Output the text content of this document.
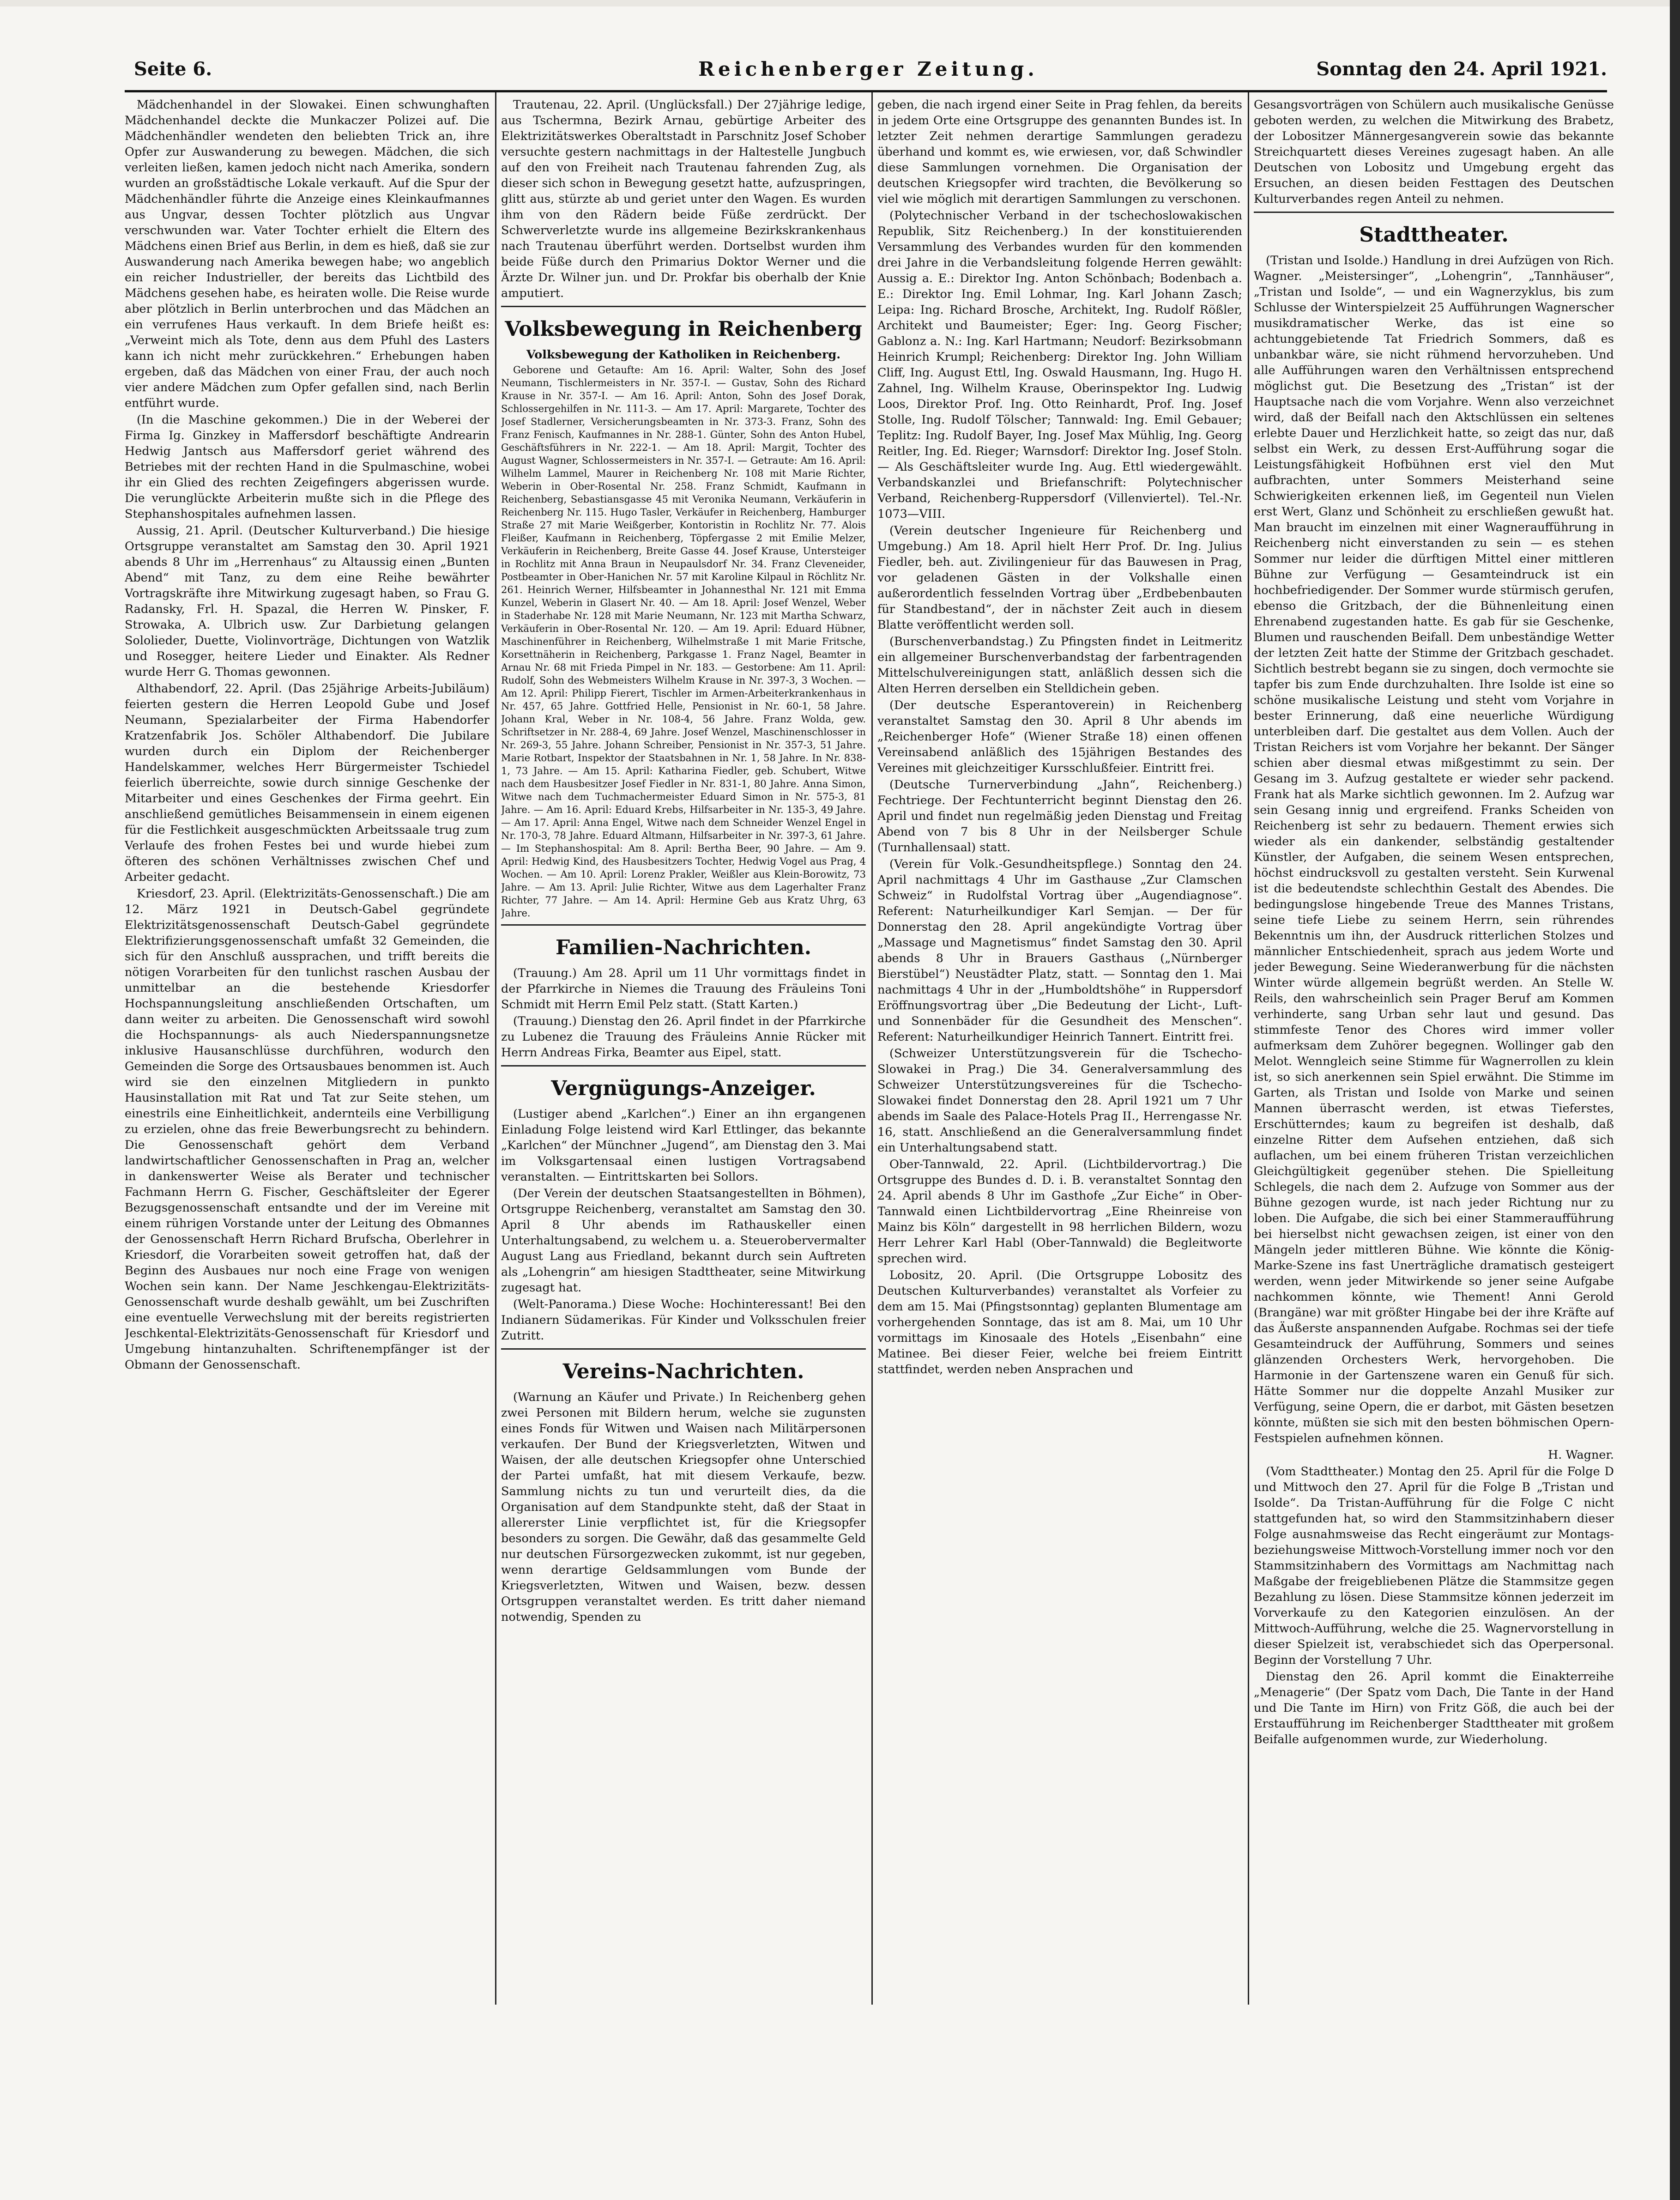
Seite 6.	Reichenberger Zeitung.	Sonntag den 24. April 1921.

Mädchenhandel in der Slowakei. Einen schwunghaften Mädchenhandel deckte die Munkaczer Polizei auf. Die Mädchenhändler wendeten den beliebten Trick an, ihre Opfer zur Auswanderung zu bewegen. Mädchen, die sich verleiten ließen, kamen jedoch nicht nach Amerika, sondern wurden an großstädtische Lokale verkauft. Auf die Spur der Mädchenhändler führte die Anzeige eines Kleinkaufmannes aus Ungvar, dessen Tochter plötzlich aus Ungvar verschwunden war. Vater Tochter erhielt die Eltern des Mädchens einen Brief aus Berlin, in dem es hieß, daß sie zur Auswanderung nach Amerika bewegen habe; wo angeblich ein reicher Industrieller, der bereits das Lichtbild des Mädchens gesehen habe, es heiraten wolle. Die Reise wurde aber plötzlich in Berlin unterbrochen und das Mädchen an ein verrufenes Haus verkauft. In dem Briefe heißt es: „Verweint mich als Tote, denn aus dem Pfuhl des Lasters kann ich nicht mehr zurückkehren.“ Erhebungen haben ergeben, daß das Mädchen von einer Frau, der auch noch vier andere Mädchen zum Opfer gefallen sind, nach Berlin entführt wurde.

(In die Maschine gekommen.) Die in der Weberei der Firma Ig. Ginzkey in Maffersdorf beschäftigte Andrearin Hedwig Jantsch aus Maffersdorf geriet während des Betriebes mit der rechten Hand in die Spulmaschine, wobei ihr ein Glied des rechten Zeigefingers abgerissen wurde. Die verunglückte Arbeiterin mußte sich in die Pflege des Stephanshospitales aufnehmen lassen.

Aussig, 21. April. (Deutscher Kulturverband.) Die hiesige Ortsgruppe veranstaltet am Samstag den 30. April 1921 abends 8 Uhr im „Herrenhaus“ zu Altaussig einen „Bunten Abend“ mit Tanz, zu dem eine Reihe bewährter Vortragskräfte ihre Mitwirkung zugesagt haben, so Frau G. Radansky, Frl. H. Spazal, die Herren W. Pinsker, F. Strowaka, A. Ulbrich usw. Zur Darbietung gelangen Sololieder, Duette, Violinvorträge, Dichtungen von Watzlik und Rosegger, heitere Lieder und Einakter. Als Redner wurde Herr G. Thomas gewonnen.

Althabendorf, 22. April. (Das 25jährige Arbeits-Jubiläum) feierten gestern die Herren Leopold Gube und Josef Neumann, Spezialarbeiter der Firma Habendorfer Kratzenfabrik Jos. Schöler Althabendorf. Die Jubilare wurden durch ein Diplom der Reichenberger Handelskammer, welches Herr Bürgermeister Tschiedel feierlich überreichte, sowie durch sinnige Geschenke der Mitarbeiter und eines Geschenkes der Firma geehrt. Ein anschließend gemütliches Beisammensein in einem eigenen für die Festlichkeit ausgeschmückten Arbeitssaale trug zum Verlaufe des frohen Festes bei und wurde hiebei zum öfteren des schönen Verhältnisses zwischen Chef und Arbeiter gedacht.

Kriesdorf, 23. April. (Elektrizitäts-Genossenschaft.) Die am 12. März 1921 in Deutsch-Gabel gegründete Elektrizitätsgenossenschaft Deutsch-Gabel gegründete Elektrifizierungsgenossenschaft umfaßt 32 Gemeinden, die sich für den Anschluß aussprachen, und trifft bereits die nötigen Vorarbeiten für den tunlichst raschen Ausbau der unmittelbar an die bestehende Kriesdorfer Hochspannungsleitung anschließenden Ortschaften, um dann weiter zu arbeiten. Die Genossenschaft wird sowohl die Hochspannungs- als auch Niederspannungsnetze inklusive Hausanschlüsse durchführen, wodurch den Gemeinden die Sorge des Ortsausbaues benommen ist. Auch wird sie den einzelnen Mitgliedern in punkto Hausinstallation mit Rat und Tat zur Seite stehen, um einestrils eine Einheitlichkeit, andernteils eine Verbilligung zu erzielen, ohne das freie Bewerbungsrecht zu behindern. Die Genossenschaft gehört dem Verband landwirtschaftlicher Genossenschaften in Prag an, welcher in dankenswerter Weise als Berater und technischer Fachmann Herrn G. Fischer, Geschäftsleiter der Egerer Bezugsgenossenschaft entsandte und der im Vereine mit einem rührigen Vorstande unter der Leitung des Obmannes der Genossenschaft Herrn Richard Brufscha, Oberlehrer in Kriesdorf, die Vorarbeiten soweit getroffen hat, daß der Beginn des Ausbaues nur noch eine Frage von wenigen Wochen sein kann. Der Name Jeschkengau-Elektrizitäts-Genossenschaft wurde deshalb gewählt, um bei Zuschriften eine eventuelle Verwechslung mit der bereits registrierten Jeschkental-Elektrizitäts-Genossenschaft für Kriesdorf und Umgebung hintanzuhalten. Schriftenempfänger ist der Obmann der Genossenschaft.

Trautenau, 22. April. (Unglücksfall.) Der 27jährige ledige, aus Tschermna, Bezirk Arnau, gebürtige Arbeiter des Elektrizitätswerkes Oberaltstadt in Parschnitz Josef Schober versuchte gestern nachmittags in der Haltestelle Jungbuch auf den von Freiheit nach Trautenau fahrenden Zug, als dieser sich schon in Bewegung gesetzt hatte, aufzuspringen, glitt aus, stürzte ab und geriet unter den Wagen. Es wurden ihm von den Rädern beide Füße zerdrückt. Der Schwerverletzte wurde ins allgemeine Bezirkskrankenhaus nach Trautenau überführt werden. Dortselbst wurden ihm beide Füße durch den Primarius Doktor Werner und die Ärzte Dr. Wilner jun. und Dr. Prokfar bis oberhalb der Knie amputiert.

Volksbewegung in Reichenberg

Volksbewegung der Katholiken in Reichenberg.

Geborene und Getaufte: Am 16. April: Walter, Sohn des Josef Neumann, Tischlermeisters in Nr. 357-I. — Gustav, Sohn des Richard Krause in Nr. 357-I. — Am 16. April: Anton, Sohn des Josef Dorak, Schlossergehilfen in Nr. 111-3. — Am 17. April: Margarete, Tochter des Josef Stadlerner, Versicherungsbeamten in Nr. 373-3. Franz, Sohn des Franz Fenisch, Kaufmannes in Nr. 288-1. Günter, Sohn des Anton Hubel, Geschäftsführers in Nr. 222-1. — Am 18. April: Margit, Tochter des August Wagner, Schlossermeisters in Nr. 357-I. — Getraute: Am 16. April: Wilhelm Lammel, Maurer in Reichenberg Nr. 108 mit Marie Richter, Weberin in Ober-Rosental Nr. 258. Franz Schmidt, Kaufmann in Reichenberg, Sebastiansgasse 45 mit Veronika Neumann, Verkäuferin in Reichenberg Nr. 115. Hugo Tasler, Verkäufer in Reichenberg, Hamburger Straße 27 mit Marie Weißgerber, Kontoristin in Rochlitz Nr. 77. Alois Fleißer, Kaufmann in Reichenberg, Töpfergasse 2 mit Emilie Melzer, Verkäuferin in Reichenberg, Breite Gasse 44. Josef Krause, Untersteiger in Rochlitz mit Anna Braun in Neupaulsdorf Nr. 34. Franz Cleveneider, Postbeamter in Ober-Hanichen Nr. 57 mit Karoline Kilpaul in Röchlitz Nr. 261. Heinrich Werner, Hilfsbeamter in Johannesthal Nr. 121 mit Emma Kunzel, Weberin in Glasert Nr. 40. — Am 18. April: Josef Wenzel, Weber in Staderhabe Nr. 128 mit Marie Neumann, Nr. 123 mit Martha Schwarz, Verkäuferin in Ober-Rosental Nr. 120. — Am 19. April: Eduard Hübner, Maschinenführer in Reichenberg, Wilhelmstraße 1 mit Marie Fritsche, Korsettnäherin in Reichenberg, Parkgasse 1. Franz Nagel, Beamter in Arnau Nr. 68 mit Frieda Pimpel in Nr. 183. — Gestorbene: Am 11. April: Rudolf, Sohn des Webmeisters Wilhelm Krause in Nr. 397-3, 3 Wochen. — Am 12. April: Philipp Fierert, Tischler im Armen-Arbeiterkrankenhaus in Nr. 457, 65 Jahre. Gottfried Helle, Pensionist in Nr. 60-1, 58 Jahre. Johann Kral, Weber in Nr. 108-4, 56 Jahre. Franz Wolda, gew. Schriftsetzer in Nr. 288-4, 69 Jahre. Josef Wenzel, Maschinenschlosser in Nr. 269-3, 55 Jahre. Johann Schreiber, Pensionist in Nr. 357-3, 51 Jahre. Marie Rotbart, Inspektor der Staatsbahnen in Nr. 1, 58 Jahre. In Nr. 838-1, 73 Jahre. — Am 15. April: Katharina Fiedler, geb. Schubert, Witwe nach dem Hausbesitzer Josef Fiedler in Nr. 831-1, 80 Jahre. Anna Simon, Witwe nach dem Tuchmachermeister Eduard Simon in Nr. 575-3, 81 Jahre. — Am 16. April: Eduard Krebs, Hilfsarbeiter in Nr. 135-3, 49 Jahre. — Am 17. April: Anna Engel, Witwe nach dem Schneider Wenzel Engel in Nr. 170-3, 78 Jahre. Eduard Altmann, Hilfsarbeiter in Nr. 397-3, 61 Jahre. — Im Stephanshospital: Am 8. April: Bertha Beer, 90 Jahre. — Am 9. April: Hedwig Kind, des Hausbesitzers Tochter, Hedwig Vogel aus Prag, 4 Wochen. — Am 10. April: Lorenz Prakler, Weißler aus Klein-Borowitz, 73 Jahre. — Am 13. April: Julie Richter, Witwe aus dem Lagerhalter Franz Richter, 77 Jahre. — Am 14. April: Hermine Geb aus Kratz Uhrg, 63 Jahre.

Familien-Nachrichten.

(Trauung.) Am 28. April um 11 Uhr vormittags findet in der Pfarrkirche in Niemes die Trauung des Fräuleins Toni Schmidt mit Herrn Emil Pelz statt. (Statt Karten.)

(Trauung.) Dienstag den 26. April findet in der Pfarrkirche zu Lubenez die Trauung des Fräuleins Annie Rücker mit Herrn Andreas Firka, Beamter aus Eipel, statt.

Vergnügungs-Anzeiger.

(Lustiger abend „Karlchen“.) Einer an ihn ergangenen Einladung Folge leistend wird Karl Ettlinger, das bekannte „Karlchen“ der Münchner „Jugend“, am Dienstag den 3. Mai im Volksgartensaal einen lustigen Vortragsabend veranstalten. — Eintrittskarten bei Sollors.

(Der Verein der deutschen Staatsangestellten in Böhmen), Ortsgruppe Reichenberg, veranstaltet am Samstag den 30. April 8 Uhr abends im Rathauskeller einen Unterhaltungsabend, zu welchem u. a. Steuerobervermalter August Lang aus Friedland, bekannt durch sein Auftreten als „Lohengrin“ am hiesigen Stadttheater, seine Mitwirkung zugesagt hat.

(Welt-Panorama.) Diese Woche: Hochinteressant! Bei den Indianern Südamerikas. Für Kinder und Volksschulen freier Zutritt.

Vereins-Nachrichten.

(Warnung an Käufer und Private.) In Reichenberg gehen zwei Personen mit Bildern herum, welche sie zugunsten eines Fonds für Witwen und Waisen nach Militärpersonen verkaufen. Der Bund der Kriegsverletzten, Witwen und Waisen, der alle deutschen Kriegsopfer ohne Unterschied der Partei umfaßt, hat mit diesem Verkaufe, bezw. Sammlung nichts zu tun und verurteilt dies, da die Organisation auf dem Standpunkte steht, daß der Staat in allererster Linie verpflichtet ist, für die Kriegsopfer besonders zu sorgen. Die Gewähr, daß das gesammelte Geld nur deutschen Fürsorgezwecken zukommt, ist nur gegeben, wenn derartige Geldsammlungen vom Bunde der Kriegsverletzten, Witwen und Waisen, bezw. dessen Ortsgruppen veranstaltet werden. Es tritt daher niemand notwendig, Spenden zu

geben, die nach irgend einer Seite in Prag fehlen, da bereits in jedem Orte eine Ortsgruppe des genannten Bundes ist. In letzter Zeit nehmen derartige Sammlungen geradezu überhand und kommt es, wie erwiesen, vor, daß Schwindler diese Sammlungen vornehmen. Die Organisation der deutschen Kriegsopfer wird trachten, die Bevölkerung so viel wie möglich mit derartigen Sammlungen zu verschonen.

(Polytechnischer Verband in der tschechoslowakischen Republik, Sitz Reichenberg.) In der konstituierenden Versammlung des Verbandes wurden für den kommenden drei Jahre in die Verbandsleitung folgende Herren gewählt: Aussig a. E.: Direktor Ing. Anton Schönbach; Bodenbach a. E.: Direktor Ing. Emil Lohmar, Ing. Karl Johann Zasch; Leipa: Ing. Richard Brosche, Architekt, Ing. Rudolf Rößler, Architekt und Baumeister; Eger: Ing. Georg Fischer; Gablonz a. N.: Ing. Karl Hartmann; Neudorf: Bezirksobmann Heinrich Krumpl; Reichenberg: Direktor Ing. John William Cliff, Ing. August Ettl, Ing. Oswald Hausmann, Ing. Hugo H. Zahnel, Ing. Wilhelm Krause, Oberinspektor Ing. Ludwig Loos, Direktor Prof. Ing. Otto Reinhardt, Prof. Ing. Josef Stolle, Ing. Rudolf Tölscher; Tannwald: Ing. Emil Gebauer; Teplitz: Ing. Rudolf Bayer, Ing. Josef Max Mühlig, Ing. Georg Reitler, Ing. Ed. Rieger; Warnsdorf: Direktor Ing. Josef Stoln. — Als Geschäftsleiter wurde Ing. Aug. Ettl wiedergewählt. Verbandskanzlei und Briefanschrift: Polytechnischer Verband, Reichenberg-Ruppersdorf (Villenviertel). Tel.-Nr. 1073—VIII.

(Verein deutscher Ingenieure für Reichenberg und Umgebung.) Am 18. April hielt Herr Prof. Dr. Ing. Julius Fiedler, beh. aut. Zivilingenieur für das Bauwesen in Prag, vor geladenen Gästen in der Volkshalle einen außerordentlich fesselnden Vortrag über „Erdbebenbauten für Standbestand“, der in nächster Zeit auch in diesem Blatte veröffentlicht werden soll.

(Burschenverbandstag.) Zu Pfingsten findet in Leitmeritz ein allgemeiner Burschenverbandstag der farbentragenden Mittelschulvereinigungen statt, anläßlich dessen sich die Alten Herren derselben ein Stelldichein geben.

(Der deutsche Esperantoverein) in Reichenberg veranstaltet Samstag den 30. April 8 Uhr abends im „Reichenberger Hofe“ (Wiener Straße 18) einen offenen Vereinsabend anläßlich des 15jährigen Bestandes des Vereines mit gleichzeitiger Kursschlußfeier. Eintritt frei.

(Deutsche Turnerverbindung „Jahn“, Reichenberg.) Fechtriege. Der Fechtunterricht beginnt Dienstag den 26. April und findet nun regelmäßig jeden Dienstag und Freitag Abend von 7 bis 8 Uhr in der Neilsberger Schule (Turnhallensaal) statt.

(Verein für Volk.-Gesundheitspflege.) Sonntag den 24. April nachmittags 4 Uhr im Gasthause „Zur Clamschen Schweiz“ in Rudolfstal Vortrag über „Augendiagnose“. Referent: Naturheilkundiger Karl Semjan. — Der für Donnerstag den 28. April angekündigte Vortrag über „Massage und Magnetismus“ findet Samstag den 30. April abends 8 Uhr in Brauers Gasthaus („Nürnberger Bierstübel“) Neustädter Platz, statt. — Sonntag den 1. Mai nachmittags 4 Uhr in der „Humboldtshöhe“ in Ruppersdorf Eröffnungsvortrag über „Die Bedeutung der Licht-, Luft- und Sonnenbäder für die Gesundheit des Menschen“. Referent: Naturheilkundiger Heinrich Tannert. Eintritt frei.

(Schweizer Unterstützungsverein für die Tschecho-Slowakei in Prag.) Die 34. Generalversammlung des Schweizer Unterstützungsvereines für die Tschecho-Slowakei findet Donnerstag den 28. April 1921 um 7 Uhr abends im Saale des Palace-Hotels Prag II., Herrengasse Nr. 16, statt. Anschließend an die Generalversammlung findet ein Unterhaltungsabend statt.

Ober-Tannwald, 22. April. (Lichtbildervortrag.) Die Ortsgruppe des Bundes d. D. i. B. veranstaltet Sonntag den 24. April abends 8 Uhr im Gasthofe „Zur Eiche“ in Ober-Tannwald einen Lichtbildervortrag „Eine Rheinreise von Mainz bis Köln“ dargestellt in 98 herrlichen Bildern, wozu Herr Lehrer Karl Habl (Ober-Tannwald) die Begleitworte sprechen wird.

Lobositz, 20. April. (Die Ortsgruppe Lobositz des Deutschen Kulturverbandes) veranstaltet als Vorfeier zu dem am 15. Mai (Pfingstsonntag) geplanten Blumentage am vorhergehenden Sonntage, das ist am 8. Mai, um 10 Uhr vormittags im Kinosaale des Hotels „Eisenbahn“ eine Matinee. Bei dieser Feier, welche bei freiem Eintritt stattfindet, werden neben Ansprachen und

Gesangsvorträgen von Schülern auch musikalische Genüsse geboten werden, zu welchen die Mitwirkung des Brabetz, der Lobositzer Männergesangverein sowie das bekannte Streichquartett dieses Vereines zugesagt haben. An alle Deutschen von Lobositz und Umgebung ergeht das Ersuchen, an diesen beiden Festtagen des Deutschen Kulturverbandes regen Anteil zu nehmen.

Stadttheater.

(Tristan und Isolde.) Handlung in drei Aufzügen von Rich. Wagner. „Meistersinger“, „Lohengrin“, „Tannhäuser“, „Tristan und Isolde“, — und ein Wagnerzyklus, bis zum Schlusse der Winterspielzeit 25 Aufführungen Wagnerscher musikdramatischer Werke, das ist eine so achtunggebietende Tat Friedrich Sommers, daß es unbankbar wäre, sie nicht rühmend hervorzuheben. Und alle Aufführungen waren den Verhältnissen entsprechend möglichst gut. Die Besetzung des „Tristan“ ist der Hauptsache nach die vom Vorjahre. Wenn also verzeichnet wird, daß der Beifall nach den Aktschlüssen ein seltenes erlebte Dauer und Herzlichkeit hatte, so zeigt das nur, daß selbst ein Werk, zu dessen Erst-Aufführung sogar die Leistungsfähigkeit Hofbühnen erst viel den Mut aufbrachten, unter Sommers Meisterhand seine Schwierigkeiten erkennen ließ, im Gegenteil nun Vielen erst Wert, Glanz und Schönheit zu erschließen gewußt hat. Man braucht im einzelnen mit einer Wagneraufführung in Reichenberg nicht einverstanden zu sein — es stehen Sommer nur leider die dürftigen Mittel einer mittleren Bühne zur Verfügung — Gesamteindruck ist ein hochbefriedigender. Der Sommer wurde stürmisch gerufen, ebenso die Gritzbach, der die Bühnenleitung einen Ehrenabend zugestanden hatte. Es gab für sie Geschenke, Blumen und rauschenden Beifall. Dem unbeständige Wetter der letzten Zeit hatte der Stimme der Gritzbach geschadet. Sichtlich bestrebt begann sie zu singen, doch vermochte sie tapfer bis zum Ende durchzuhalten. Ihre Isolde ist eine so schöne musikalische Leistung und steht vom Vorjahre in bester Erinnerung, daß eine neuerliche Würdigung unterbleiben darf. Die gestaltet aus dem Vollen. Auch der Tristan Reichers ist vom Vorjahre her bekannt. Der Sänger schien aber diesmal etwas mißgestimmt zu sein. Der Gesang im 3. Aufzug gestaltete er wieder sehr packend. Frank hat als Marke sichtlich gewonnen. Im 2. Aufzug war sein Gesang innig und ergreifend. Franks Scheiden von Reichenberg ist sehr zu bedauern. Thement erwies sich wieder als ein dankender, selbständig gestaltender Künstler, der Aufgaben, die seinem Wesen entsprechen, höchst eindrucksvoll zu gestalten versteht. Sein Kurwenal ist die bedeutendste schlechthin Gestalt des Abendes. Die bedingungslose hingebende Treue des Mannes Tristans, seine tiefe Liebe zu seinem Herrn, sein rührendes Bekenntnis um ihn, der Ausdruck ritterlichen Stolzes und männlicher Entschiedenheit, sprach aus jedem Worte und jeder Bewegung. Seine Wiederanwerbung für die nächsten Winter würde allgemein begrüßt werden. An Stelle W. Reils, den wahrscheinlich sein Prager Beruf am Kommen verhinderte, sang Urban sehr laut und gesund. Das stimmfeste Tenor des Chores wird immer voller aufmerksam dem Zuhörer begegnen. Wollinger gab den Melot. Wenngleich seine Stimme für Wagnerrollen zu klein ist, so sich anerkennen sein Spiel erwähnt. Die Stimme im Garten, als Tristan und Isolde von Marke und seinen Mannen überrascht werden, ist etwas Tieferstes, Erschütterndes; kaum zu begreifen ist deshalb, daß einzelne Ritter dem Aufsehen entziehen, daß sich auflachen, um bei einem früheren Tristan verzeichlichen Gleichgültigkeit gegenüber stehen. Die Spielleitung Schlegels, die nach dem 2. Aufzuge von Sommer aus der Bühne gezogen wurde, ist nach jeder Richtung nur zu loben. Die Aufgabe, die sich bei einer Stammeraufführung bei hierselbst nicht gewachsen zeigen, ist einer von den Mängeln jeder mittleren Bühne. Wie könnte die König-Marke-Szene ins fast Unerträgliche dramatisch gesteigert werden, wenn jeder Mitwirkende so jener seine Aufgabe nachkommen könnte, wie Thement! Anni Gerold (Brangäne) war mit größter Hingabe bei der ihre Kräfte auf das Äußerste anspannenden Aufgabe. Rochmas sei der tiefe Gesamteindruck der Aufführung, Sommers und seines glänzenden Orchesters Werk, hervorgehoben. Die Harmonie in der Gartenszene waren ein Genuß für sich. Hätte Sommer nur die doppelte Anzahl Musiker zur Verfügung, seine Opern, die er darbot, mit Gästen besetzen könnte, müßten sie sich mit den besten böhmischen Opern-Festspielen aufnehmen können.

H. Wagner.

(Vom Stadttheater.) Montag den 25. April für die Folge D und Mittwoch den 27. April für die Folge B „Tristan und Isolde“. Da Tristan-Aufführung für die Folge C nicht stattgefunden hat, so wird den Stammsitzinhabern dieser Folge ausnahmsweise das Recht eingeräumt zur Montags- beziehungsweise Mittwoch-Vorstellung immer noch vor den Stammsitzinhabern des Vormittags am Nachmittag nach Maßgabe der freigebliebenen Plätze die Stammsitze gegen Bezahlung zu lösen. Diese Stammsitze können jederzeit im Vorverkaufe zu den Kategorien einzulösen. An der Mittwoch-Aufführung, welche die 25. Wagnervorstellung in dieser Spielzeit ist, verabschiedet sich das Operpersonal. Beginn der Vorstellung 7 Uhr.

Dienstag den 26. April kommt die Einakterreihe „Menagerie“ (Der Spatz vom Dach, Die Tante in der Hand und Die Tante im Hirn) von Fritz Göß, die auch bei der Erstaufführung im Reichenberger Stadttheater mit großem Beifalle aufgenommen wurde, zur Wiederholung.
